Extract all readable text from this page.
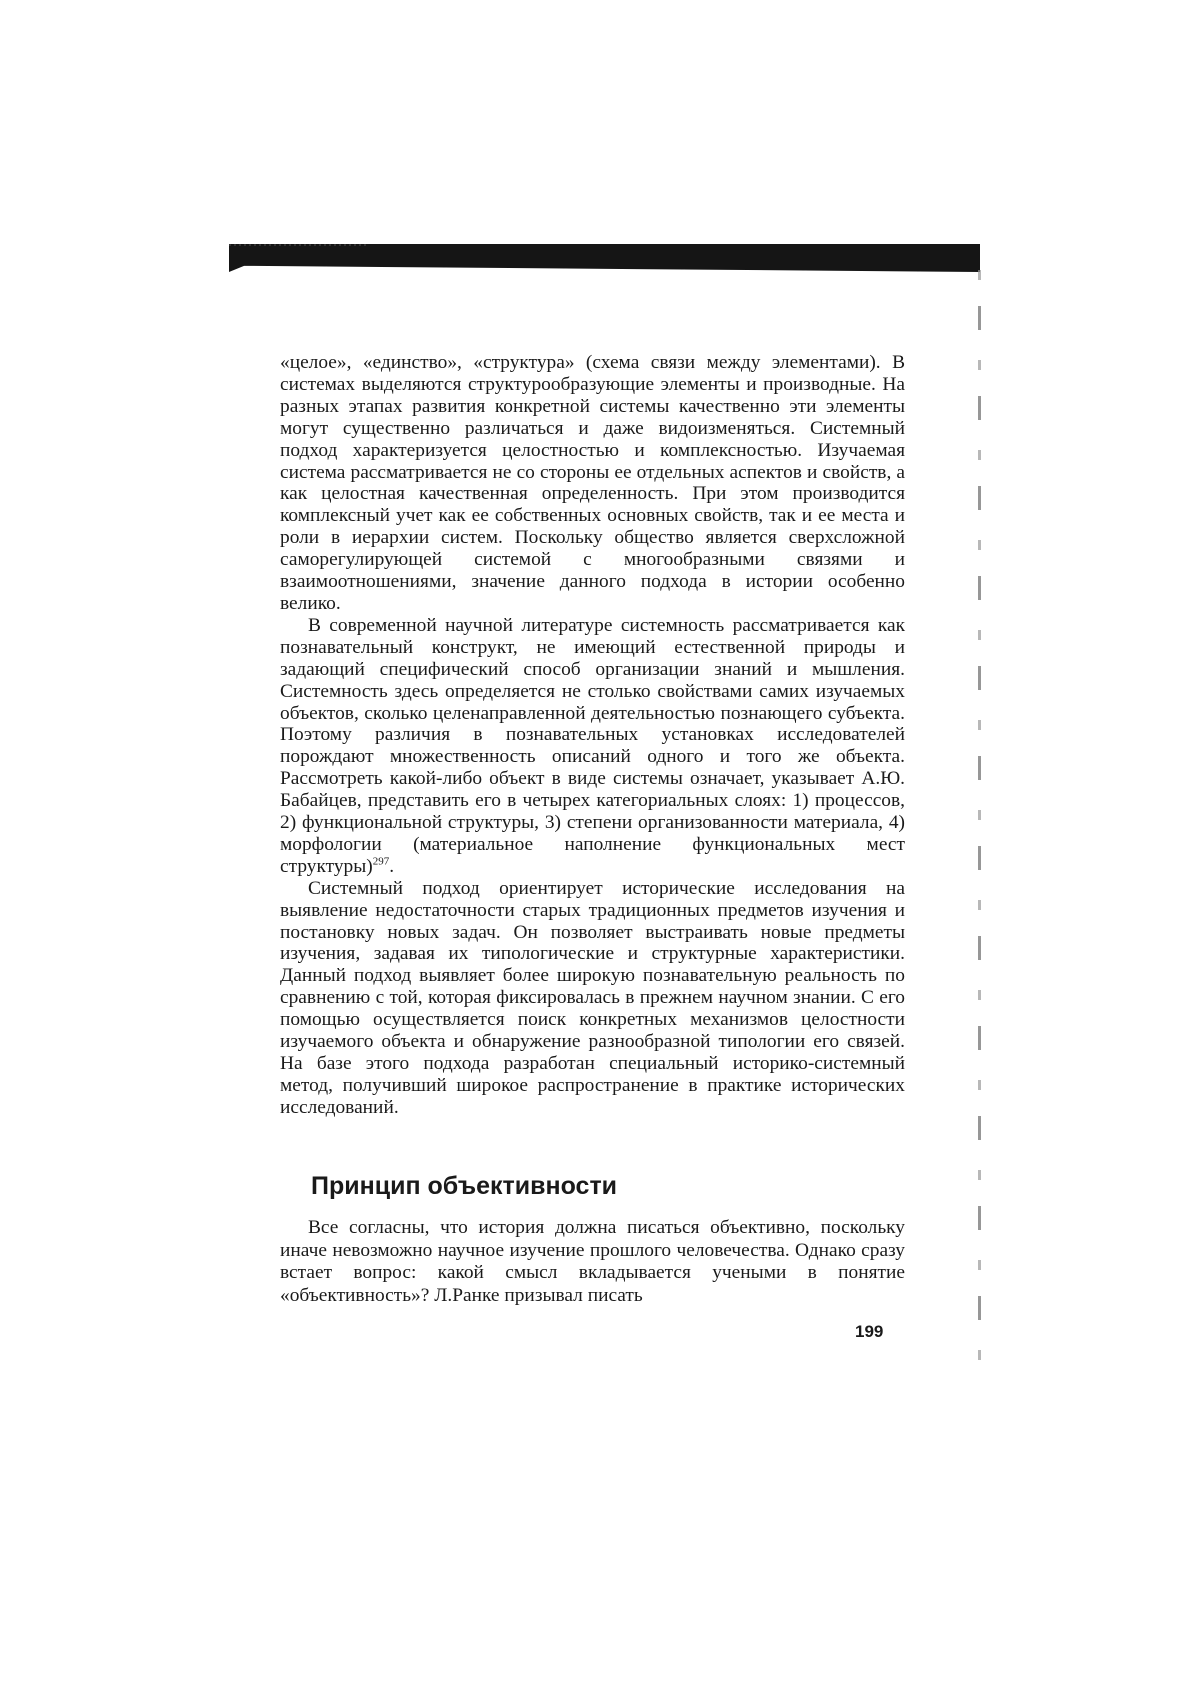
«целое», «единство», «структура» (схема связи между элементами). В системах выделяются структурообразующие элементы и производные. На разных этапах развития конкретной системы качественно эти элементы могут существенно различаться и даже видоизменяться. Системный подход характеризуется целостностью и комплексностью. Изучаемая система рассматривается не со стороны ее отдельных аспектов и свойств, а как целостная качественная определенность. При этом производится комплексный учет как ее собственных основных свойств, так и ее места и роли в иерархии систем. Поскольку общество является сверхсложной саморегулирующей системой с многообразными связями и взаимоотношениями, значение данного подхода в истории особенно велико.

В современной научной литературе системность рассматривается как познавательный конструкт, не имеющий естественной природы и задающий специфический способ организации знаний и мышления. Системность здесь определяется не столько свойствами самих изучаемых объектов, сколько целенаправленной деятельностью познающего субъекта. Поэтому различия в познавательных установках исследователей порождают множественность описаний одного и того же объекта. Рассмотреть какой-либо объект в виде системы означает, указывает А.Ю. Бабайцев, представить его в четырех категориальных слоях: 1) процессов, 2) функциональной структуры, 3) степени организованности материала, 4) морфологии (материальное наполнение функциональных мест структуры)$^{297}$.

Системный подход ориентирует исторические исследования на выявление недостаточности старых традиционных предметов изучения и постановку новых задач. Он позволяет выстраивать новые предметы изучения, задавая их типологические и структурные характеристики. Данный подход выявляет более широкую познавательную реальность по сравнению с той, которая фиксировалась в прежнем научном знании. С его помощью осуществляется поиск конкретных механизмов целостности изучаемого объекта и обнаружение разнообразной типологии его связей. На базе этого подхода разработан специальный историко-системный метод, получивший широкое распространение в практике исторических исследований.

Принцип объективности

Все согласны, что история должна писаться объективно, поскольку иначе невозможно научное изучение прошлого человечества. Однако сразу встает вопрос: какой смысл вкладывается учеными в понятие «объективность»? Л.Ранке призывал писать

199
